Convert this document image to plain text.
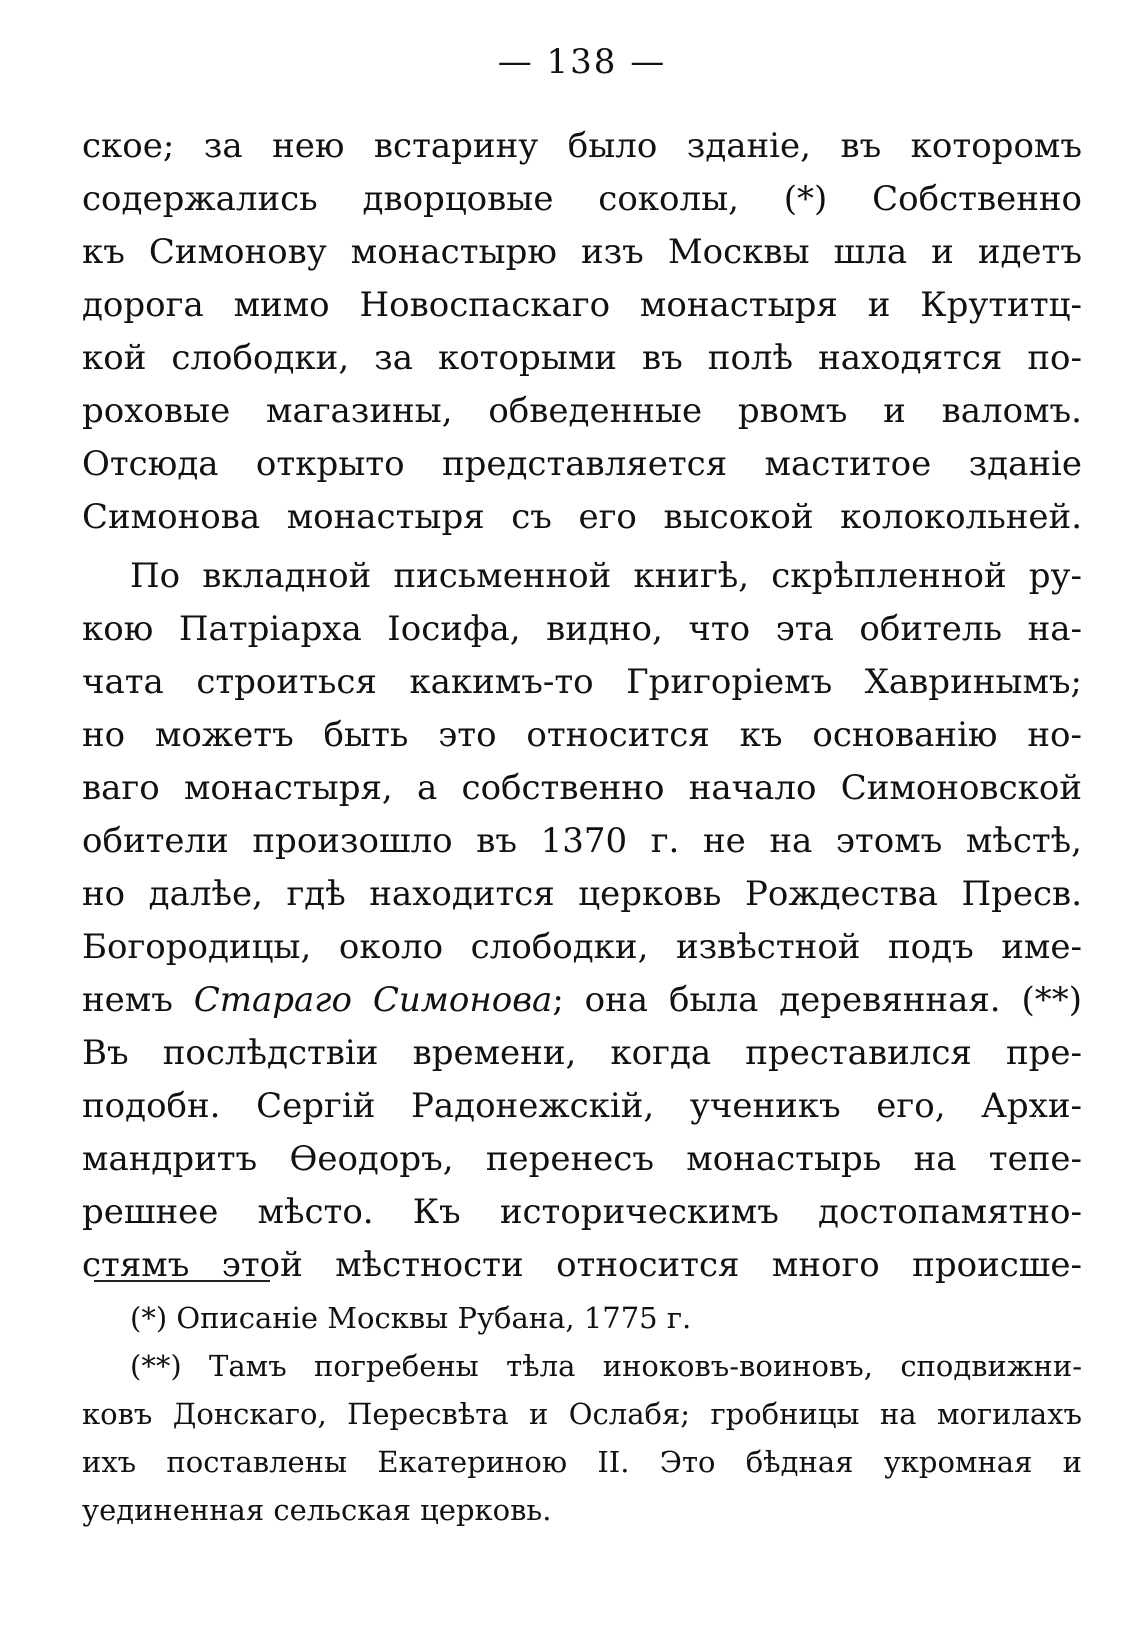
— 138 —
ское; за нею встарину было зданiе, въ которомъ
содержались дворцовые соколы, (*) Собственно
къ Симонову монастырю изъ Москвы шла и идетъ
дорога мимо Новоспаскаго монастыря и Крутитц-
кой слободки, за которыми въ полѣ находятся по-
роховые магазины, обведенные рвомъ и валомъ.
Отсюда открыто представляется маститое зданiе
Симонова монастыря съ его высокой колокольней.
По вкладной письменной книгѣ, скрѣпленной ру-
кою Патрiарха Iосифа, видно, что эта обитель на-
чата строиться какимъ-то Григорiемъ Хавринымъ;
но можетъ быть это относится къ основанiю но-
ваго монастыря, а собственно начало Симоновской
обители произошло въ 1370 г. не на этомъ мѣстѣ,
но далѣе, гдѣ находится церковь Рождества Пресв.
Богородицы, около слободки, извѣстной подъ име-
немъ Стараго Симонова; она была деревянная. (**)
Въ послѣдствiи времени, когда преставился пре-
подобн. Сергiй Радонежскiй, ученикъ его, Архи-
мандритъ Ѳеодоръ, перенесъ монастырь на тепе-
решнее мѣсто. Къ историческимъ достопамятно-
стямъ этой мѣстности относится много происше-
(*) Описанiе Москвы Рубана, 1775 г.
(**) Тамъ погребены тѣла иноковъ-воиновъ, сподвижни-
ковъ Донскаго, Пересвѣта и Ослабя; гробницы на могилахъ
ихъ поставлены Екатериною II. Это бѣдная укромная и
уединенная сельская церковь.
